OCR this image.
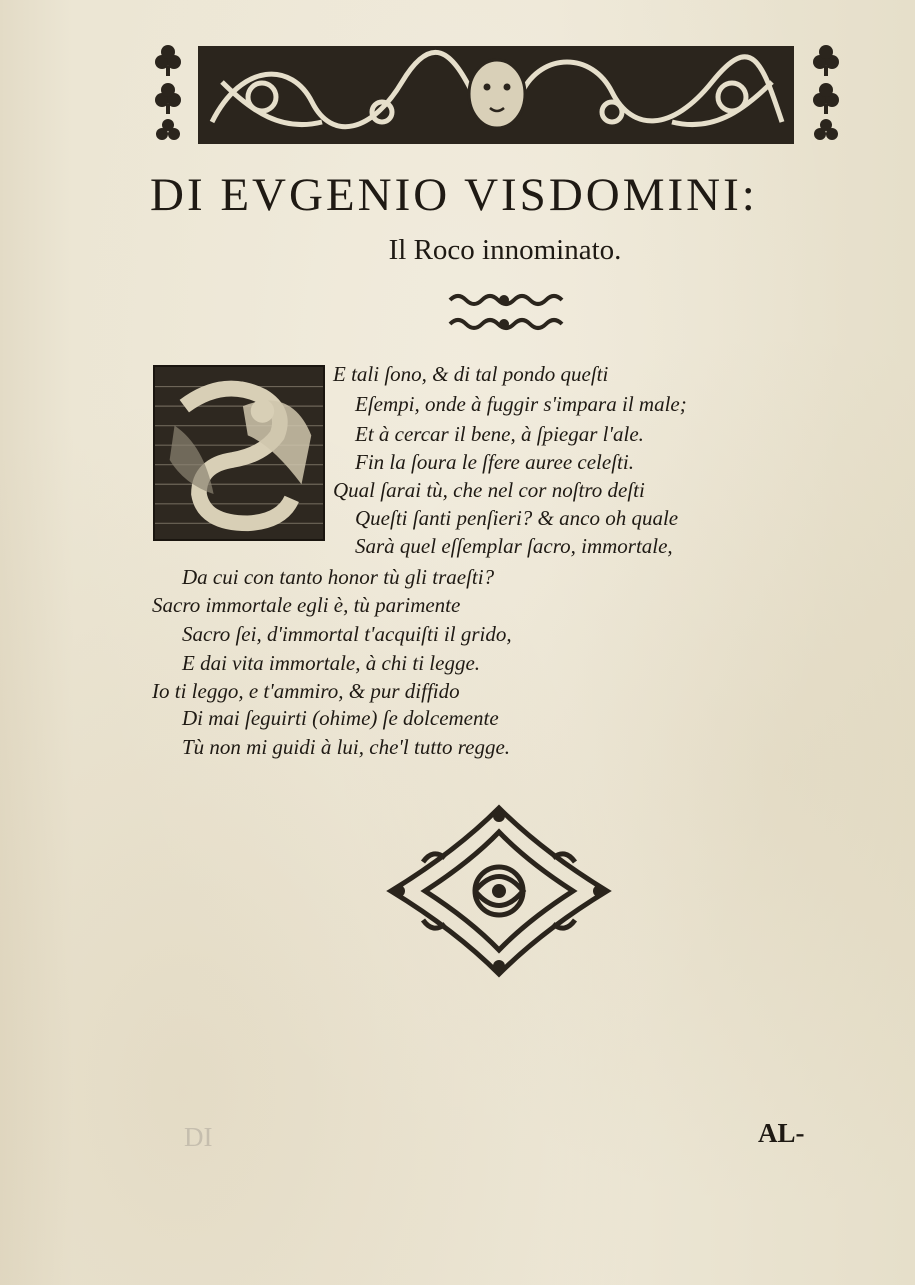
DI EVGENIO VISDOMINI:
Il Roco innominato.
E tali ſono, & di tal pondo queſti
Eſempi, onde à fuggir s'impara il male;
Et à cercar il bene, à ſpiegar l'ale.
Fin la ſoura le ſfere auree celeſti.
Qual ſarai tù, che nel cor noſtro deſti
Queſti ſanti penſieri? & anco oh quale
Sarà quel eſſemplar ſacro, immortale,
Da cui con tanto honor tù gli traeſti?
Sacro immortale egli è, tù parimente
Sacro ſei, d'immortal t'acquiſti il grido,
E dai vita immortale, à chi ti legge.
Io ti leggo, e t'ammiro, & pur diffido
Di mai ſeguirti (ohime) ſe dolcemente
Tù non mi guidi à lui, che'l tutto regge.
DI	AL-
